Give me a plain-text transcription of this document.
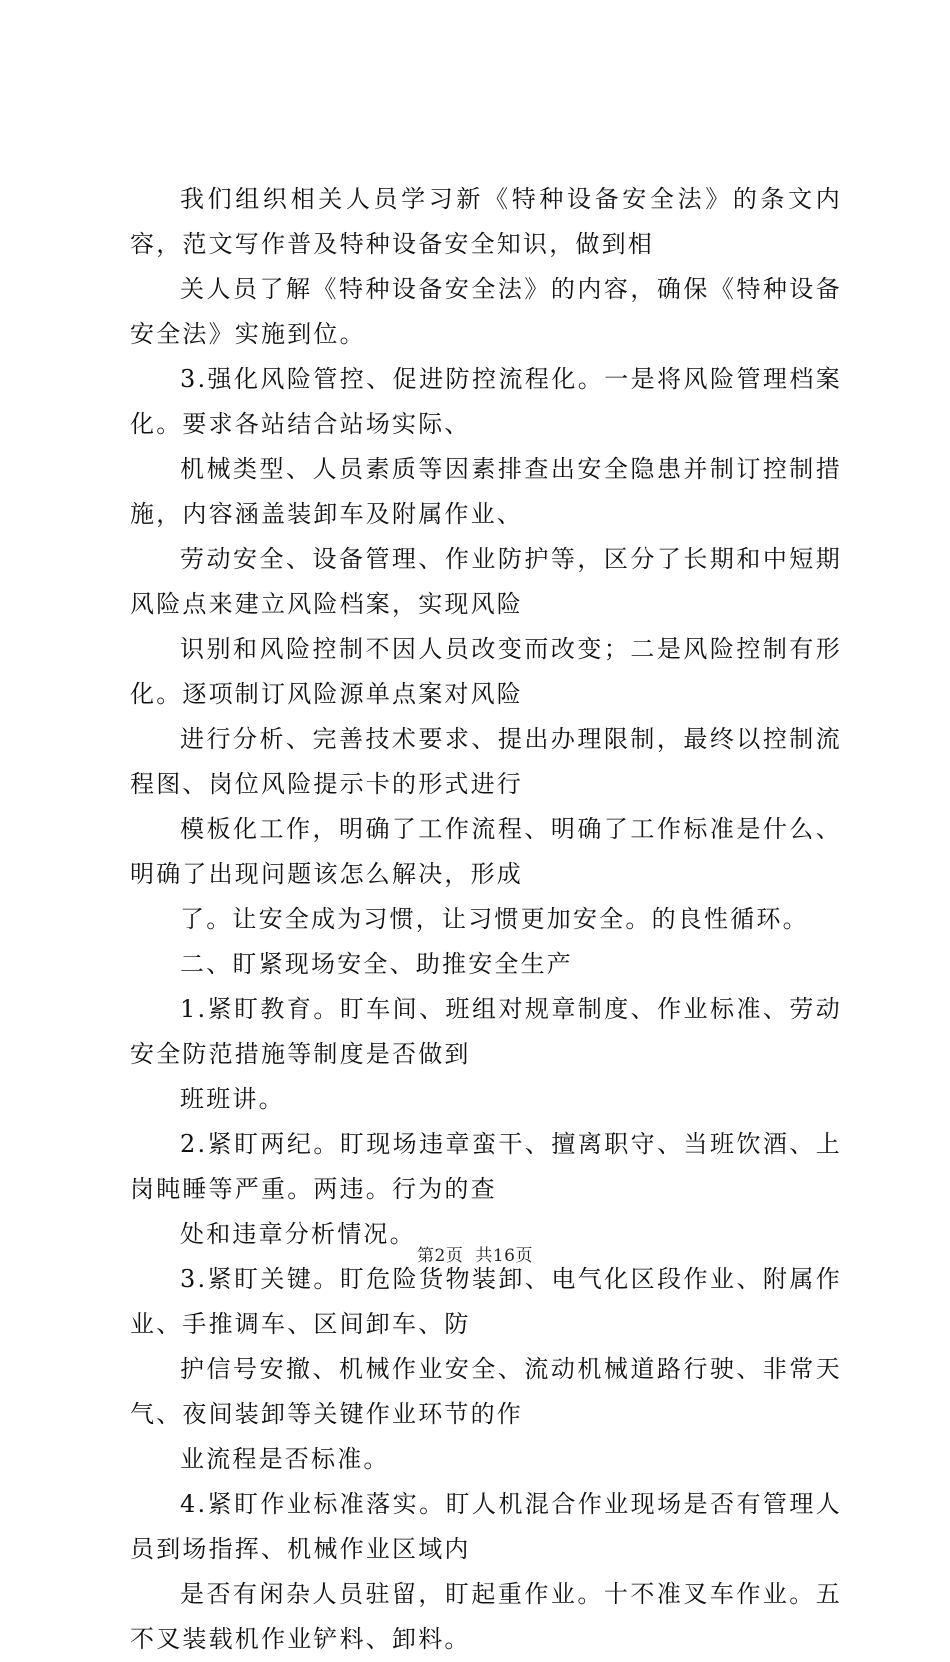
我们组织相关人员学习新《特种设备安全法》的条文内容，范文写作普及特种设备安全知识，做到相

关人员了解《特种设备安全法》的内容，确保《特种设备安全法》实施到位。

3.强化风险管控、促进防控流程化。一是将风险管理档案化。要求各站结合站场实际、

机械类型、人员素质等因素排查出安全隐患并制订控制措施，内容涵盖装卸车及附属作业、

劳动安全、设备管理、作业防护等，区分了长期和中短期风险点来建立风险档案，实现风险

识别和风险控制不因人员改变而改变；二是风险控制有形化。逐项制订风险源单点案对风险

进行分析、完善技术要求、提出办理限制，最终以控制流程图、岗位风险提示卡的形式进行

模板化工作，明确了工作流程、明确了工作标准是什么、明确了出现问题该怎么解决，形成

了。让安全成为习惯，让习惯更加安全。的良性循环。

二、盯紧现场安全、助推安全生产

1.紧盯教育。盯车间、班组对规章制度、作业标准、劳动安全防范措施等制度是否做到

班班讲。

2.紧盯两纪。盯现场违章蛮干、擅离职守、当班饮酒、上岗盹睡等严重。两违。行为的查

处和违章分析情况。

3.紧盯关键。盯危险货物装卸、电气化区段作业、附属作业、手推调车、区间卸车、防

护信号安撤、机械作业安全、流动机械道路行驶、非常天气、夜间装卸等关键作业环节的作

业流程是否标准。

4.紧盯作业标准落实。盯人机混合作业现场是否有管理人员到场指挥、机械作业区域内

是否有闲杂人员驻留，盯起重作业。十不准叉车作业。五不叉装载机作业铲料、卸料。

第2页 共16页
